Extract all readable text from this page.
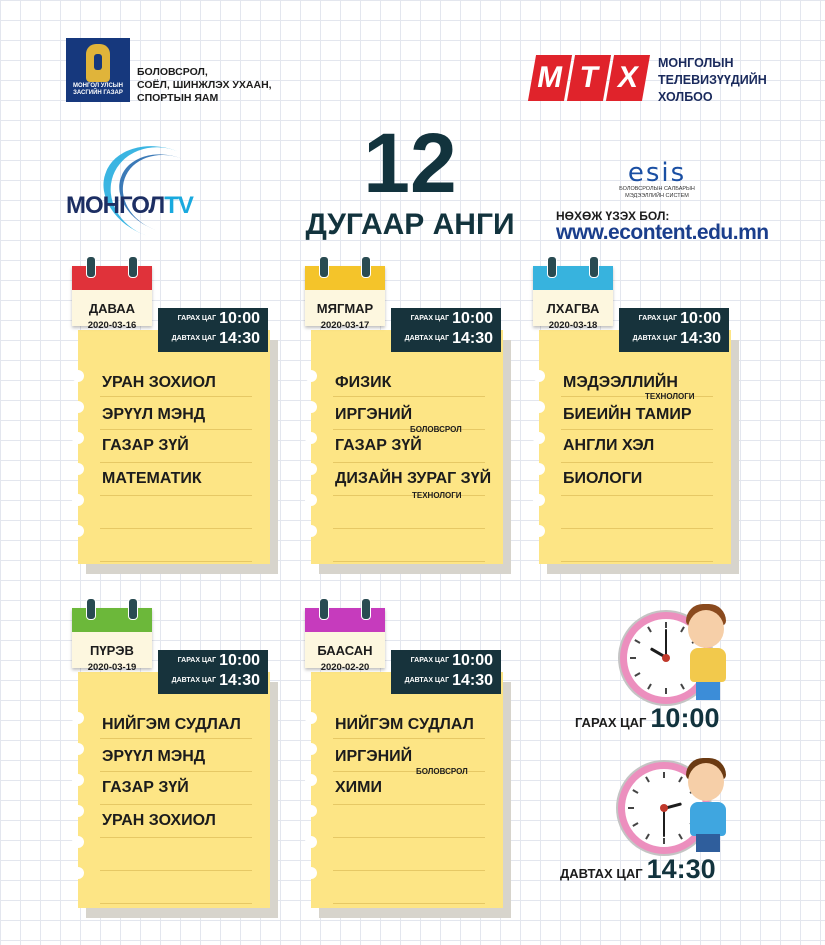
МОНГОЛ УЛСЫН ЗАСГИЙН ГАЗАР
БОЛОВСРОЛ,
СОЁЛ, ШИНЖЛЭХ УХААН,
СПОРТЫН ЯАМ
М Т Х	МОНГОЛЫН
ТЕЛЕВИЗҮҮДИЙН
ХОЛБОО
МОНГОЛTV 12
ДУГААР АНГИ
esis
БОЛОВСРОЛЫН САЛБАРЫН
МЭДЭЭЛЛИЙН СИСТЕМ
НӨХӨЖ ҮЗЭХ БОЛ:
www.econtent.edu.mn
ДАВАА
2020-03-16
ГАРАХ ЦАГ 10:00
ДАВТАХ ЦАГ 14:30
УРАН ЗОХИОЛ
ЭРҮҮЛ МЭНД
ГАЗАР ЗҮЙ
МАТЕМАТИК
МЯГМАР
2020-03-17
ГАРАХ ЦАГ 10:00
ДАВТАХ ЦАГ 14:30
ФИЗИК
ИРГЭНИЙ
ГАЗАР ЗҮЙ
ДИЗАЙН ЗУРАГ ЗҮЙ
ЛХАГВА
2020-03-18
ГАРАХ ЦАГ 10:00
ДАВТАХ ЦАГ 14:30
МЭДЭЭЛЛИЙН
БИЕИЙН ТАМИР
АНГЛИ ХЭЛ
БИОЛОГИ
ПҮРЭВ
2020-03-19
ГАРАХ ЦАГ 10:00
ДАВТАХ ЦАГ 14:30
НИЙГЭМ СУДЛАЛ
ЭРҮҮЛ МЭНД
ГАЗАР ЗҮЙ
УРАН ЗОХИОЛ
БААСАН
2020-02-20
ГАРАХ ЦАГ 10:00
ДАВТАХ ЦАГ 14:30
НИЙГЭМ СУДЛАЛ
ИРГЭНИЙ
ХИМИ
БОЛОВСРОЛ
ТЕХНОЛОГИ
ТЕХНОЛОГИ
БОЛОВСРОЛ
ГАРАХ ЦАГ 10:00
ДАВТАХ ЦАГ 14:30
